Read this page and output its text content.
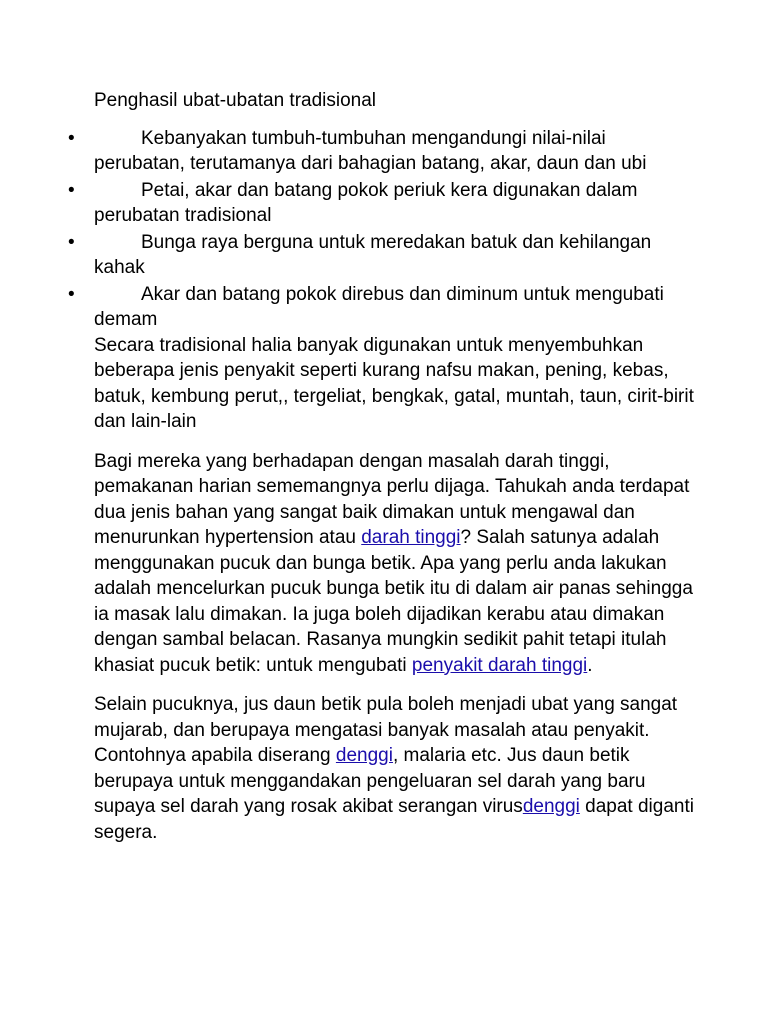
Penghasil ubat-ubatan tradisional
•	Kebanyakan tumbuh-tumbuhan mengandungi nilai-nilai perubatan, terutamanya dari bahagian batang, akar, daun dan ubi
•	Petai, akar dan batang pokok periuk kera digunakan dalam perubatan tradisional
•	Bunga raya berguna untuk meredakan batuk dan kehilangan kahak
•	Akar dan batang pokok direbus dan diminum untuk mengubati demam

Secara tradisional halia banyak digunakan untuk menyembuhkan beberapa jenis penyakit seperti kurang nafsu makan, pening, kebas, batuk, kembung perut,, tergeliat, bengkak, gatal, muntah, taun, cirit-birit dan lain-lain

Bagi mereka yang berhadapan dengan masalah darah tinggi, pemakanan harian sememangnya perlu dijaga. Tahukah anda terdapat dua jenis bahan yang sangat baik dimakan untuk mengawal dan menurunkan hypertension atau darah tinggi? Salah satunya adalah menggunakan pucuk dan bunga betik. Apa yang perlu anda lakukan adalah mencelurkan pucuk bunga betik itu di dalam air panas sehingga ia masak lalu dimakan. Ia juga boleh dijadikan kerabu atau dimakan dengan sambal belacan. Rasanya mungkin sedikit pahit tetapi itulah khasiat pucuk betik: untuk mengubati penyakit darah tinggi.

Selain pucuknya, jus daun betik pula boleh menjadi ubat yang sangat mujarab, dan berupaya mengatasi banyak masalah atau penyakit. Contohnya apabila diserang denggi, malaria etc. Jus daun betik berupaya untuk menggandakan pengeluaran sel darah yang baru supaya sel darah yang rosak akibat serangan virusdenggi dapat diganti segera.
